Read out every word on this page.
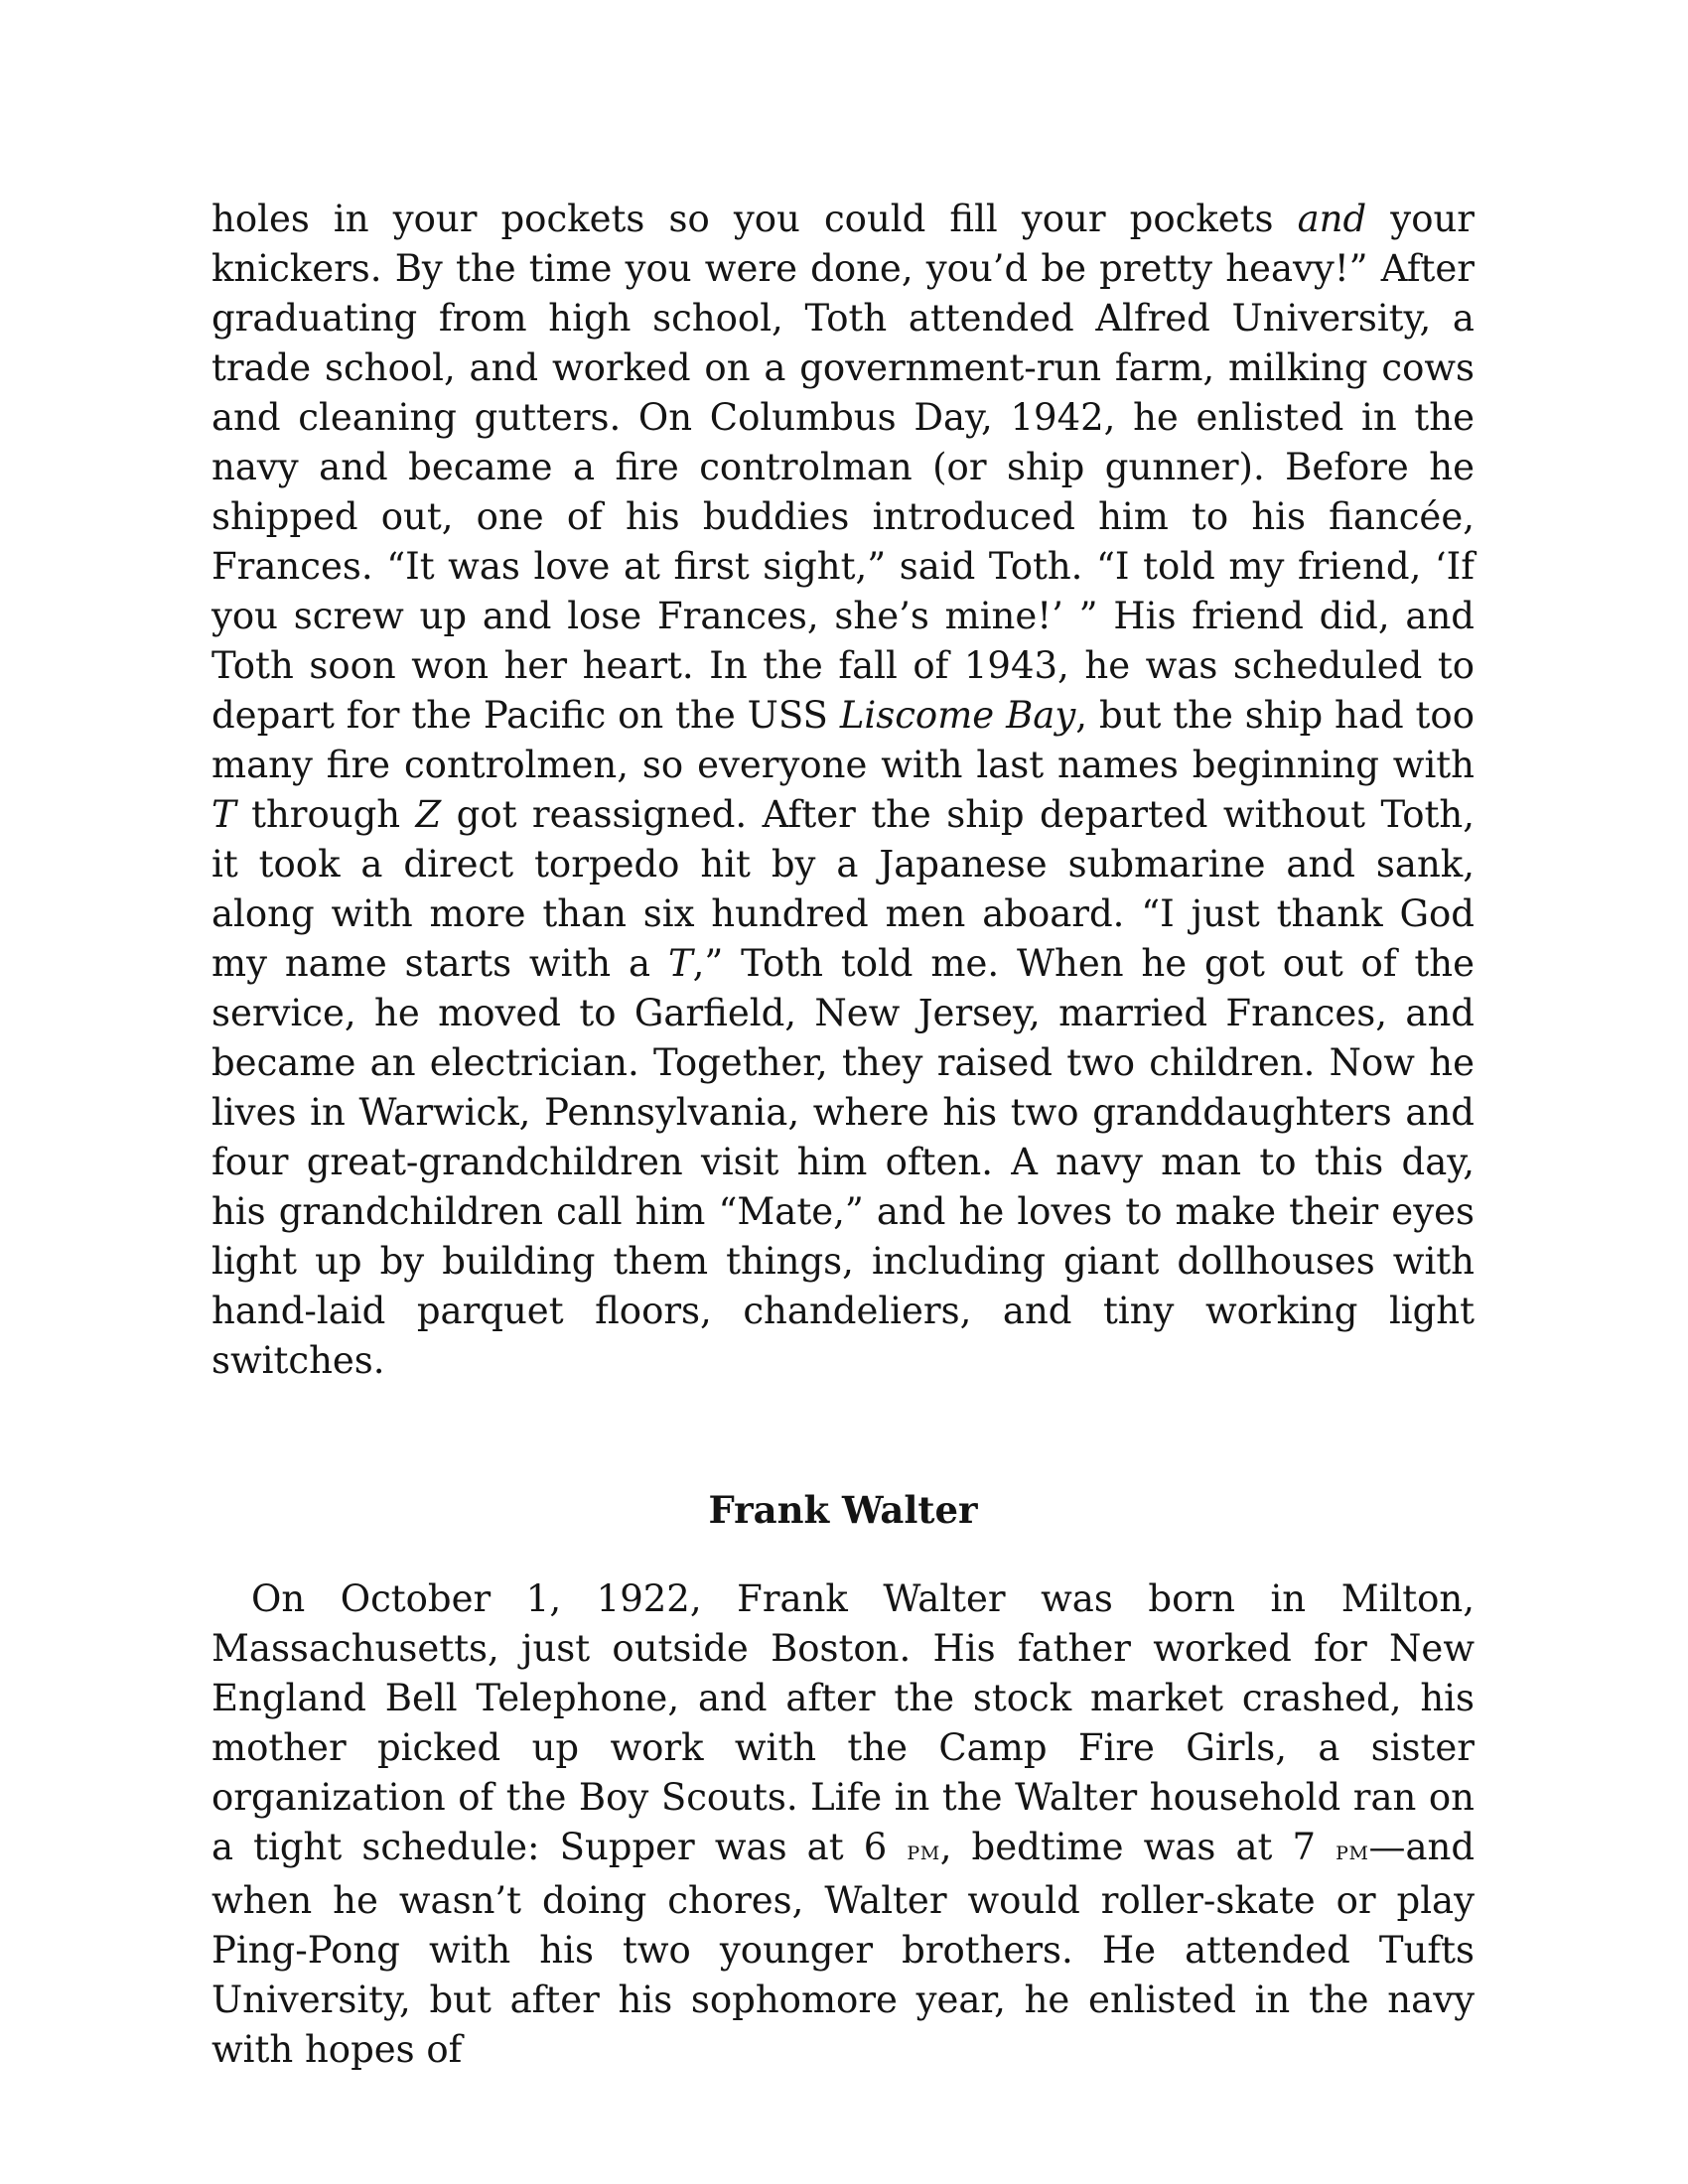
holes in your pockets so you could fill your pockets and your knickers. By the time you were done, you’d be pretty heavy!” After graduating from high school, Toth attended Alfred University, a trade school, and worked on a government-run farm, milking cows and cleaning gutters. On Columbus Day, 1942, he enlisted in the navy and became a fire controlman (or ship gunner). Before he shipped out, one of his buddies introduced him to his fiancée, Frances. “It was love at first sight,” said Toth. “I told my friend, ‘If you screw up and lose Frances, she’s mine!’ ” His friend did, and Toth soon won her heart. In the fall of 1943, he was scheduled to depart for the Pacific on the USS Liscome Bay, but the ship had too many fire controlmen, so everyone with last names beginning with T through Z got reassigned. After the ship departed without Toth, it took a direct torpedo hit by a Japanese submarine and sank, along with more than six hundred men aboard. “I just thank God my name starts with a T,” Toth told me. When he got out of the service, he moved to Garfield, New Jersey, married Frances, and became an electrician. Together, they raised two children. Now he lives in Warwick, Pennsylvania, where his two granddaughters and four great-grandchildren visit him often. A navy man to this day, his grandchildren call him “Mate,” and he loves to make their eyes light up by building them things, including giant dollhouses with hand-laid parquet floors, chandeliers, and tiny working light switches.

Frank Walter

On October 1, 1922, Frank Walter was born in Milton, Massachusetts, just outside Boston. His father worked for New England Bell Telephone, and after the stock market crashed, his mother picked up work with the Camp Fire Girls, a sister organization of the Boy Scouts. Life in the Walter household ran on a tight schedule: Supper was at 6 pm, bedtime was at 7 pm—and when he wasn’t doing chores, Walter would roller-skate or play Ping-Pong with his two younger brothers. He attended Tufts University, but after his sophomore year, he enlisted in the navy with hopes of
